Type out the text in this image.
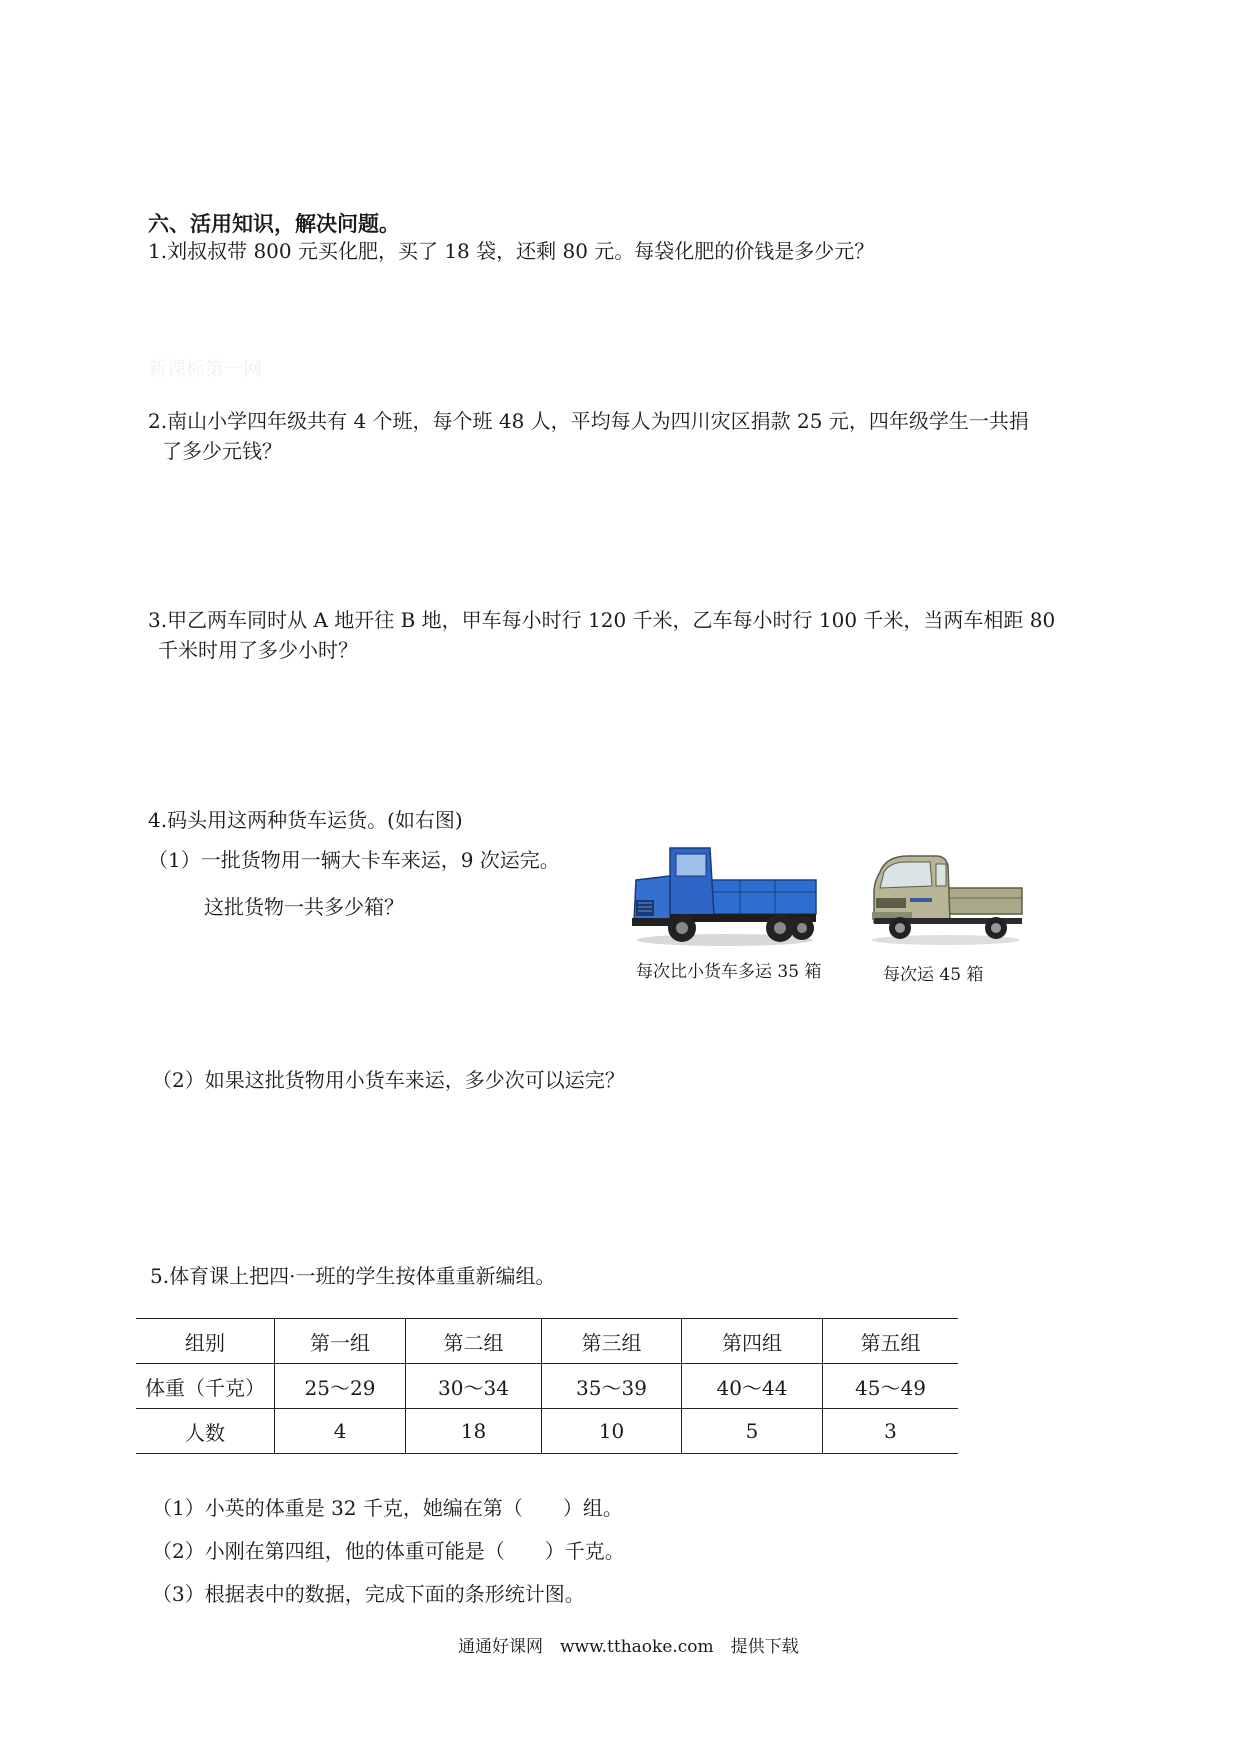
六、活用知识，解决问题。
1.刘叔叔带 800 元买化肥，买了 18 袋，还剩 80 元。每袋化肥的价钱是多少元？
新课标第一网
2.南山小学四年级共有 4 个班，每个班 48 人，平均每人为四川灾区捐款 25 元，四年级学生一共捐
了多少元钱？
3.甲乙两车同时从 A 地开往 B 地，甲车每小时行 120 千米，乙车每小时行 100 千米，当两车相距 80
千米时用了多少小时？
4.码头用这两种货车运货。(如右图)
（1）一批货物用一辆大卡车来运，9 次运完。
这批货物一共多少箱？
每次比小货车多运 35 箱	每次运 45 箱
（2）如果这批货物用小货车来运，多少次可以运完？
5.体育课上把四·一班的学生按体重重新编组。
组别	第一组	第二组	第三组	第四组	第五组
体重（千克）	25～29	30～34	35～39	40～44	45～49
人数	4	18	10	5	3
（1）小英的体重是 32 千克，她编在第（　　）组。
（2）小刚在第四组，他的体重可能是（　　）千克。
（3）根据表中的数据，完成下面的条形统计图。
通通好课网　www.tthaoke.com　提供下载
